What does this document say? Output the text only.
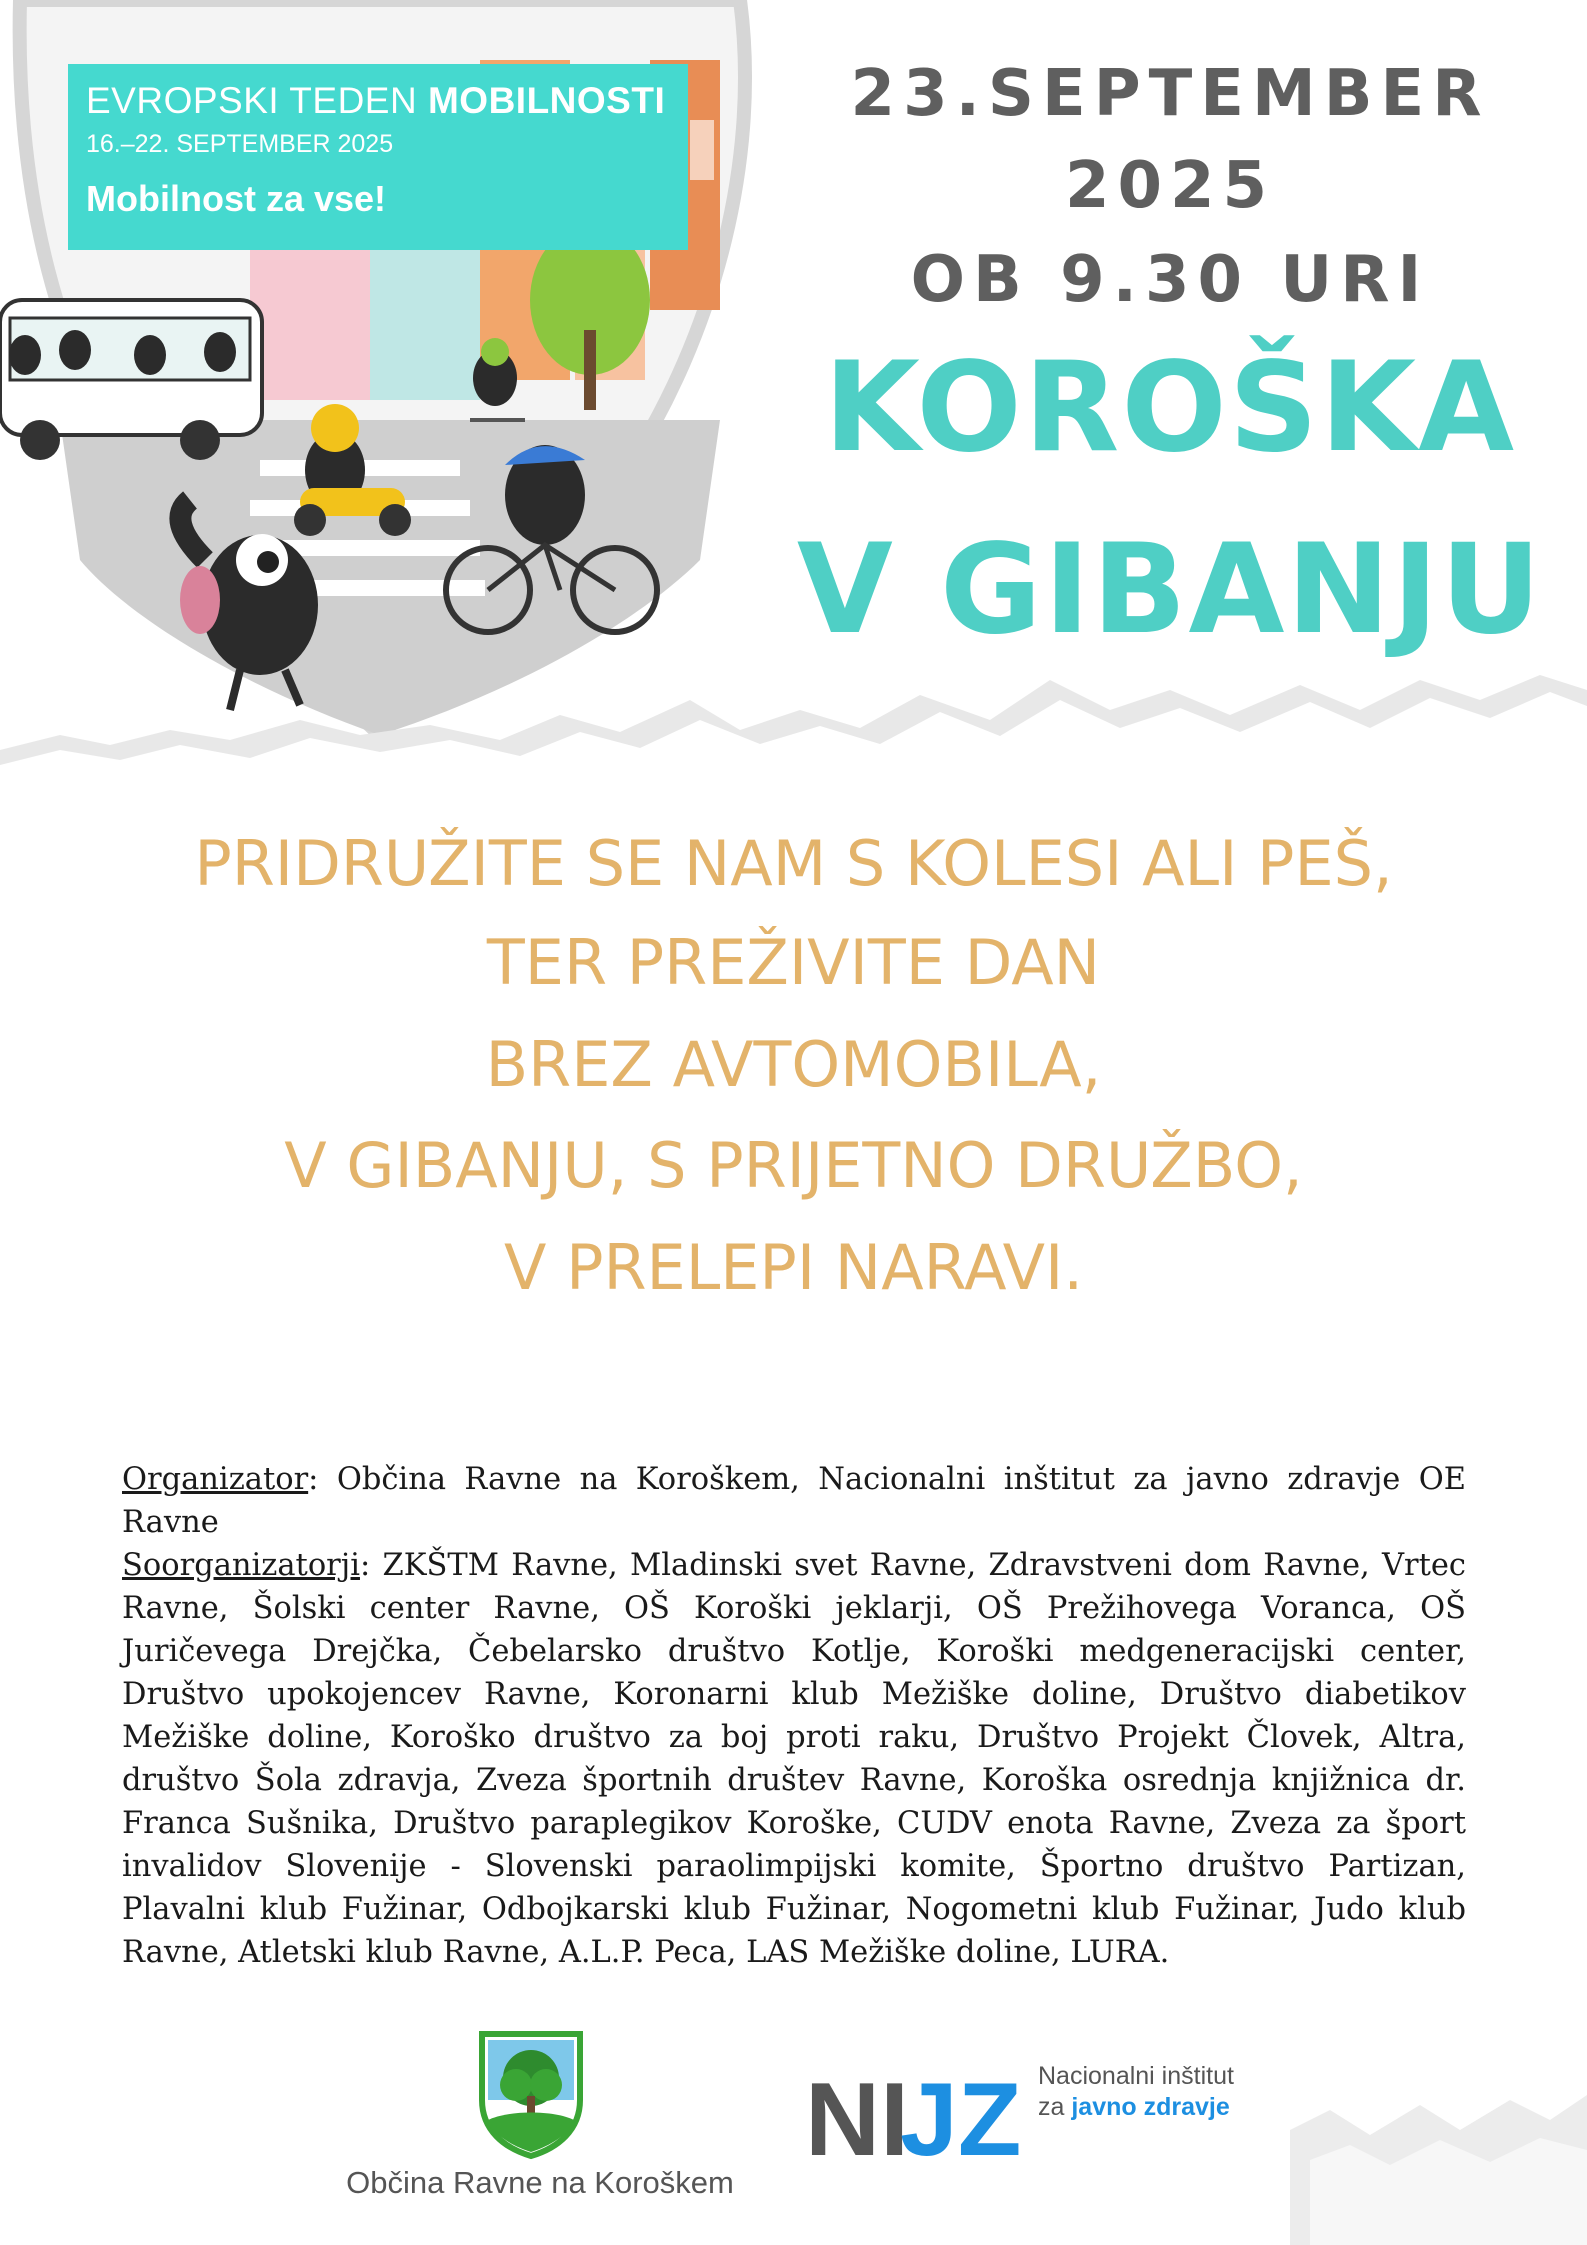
EVROPSKI TEDEN MOBILNOSTI
16.–22. SEPTEMBER 2025
Mobilnost za vse!
23.SEPTEMBER
2025
OB 9.30 URI
KOROŠKA
V GIBANJU
PRIDRUŽITE SE NAM S KOLESI ALI PEŠ,
TER PREŽIVITE DAN
BREZ AVTOMOBILA,
V GIBANJU, S PRIJETNO DRUŽBO,
V PRELEPI NARAVI.
Organizator: Občina Ravne na Koroškem, Nacionalni inštitut za javno zdravje OE Ravne
Soorganizatorji: ZKŠTM Ravne, Mladinski svet Ravne, Zdravstveni dom Ravne, Vrtec Ravne, Šolski center Ravne, OŠ Koroški jeklarji, OŠ Prežihovega Voranca, OŠ Juričevega Drejčka, Čebelarsko društvo Kotlje, Koroški medgeneracijski center, Društvo upokojencev Ravne, Koronarni klub Mežiške doline, Društvo diabetikov Mežiške doline, Koroško društvo za boj proti raku, Društvo Projekt Človek, Altra, društvo Šola zdravja, Zveza športnih društev Ravne, Koroška osrednja knjižnica dr. Franca Sušnika, Društvo paraplegikov Koroške, CUDV enota Ravne, Zveza za šport invalidov Slovenije - Slovenski paraolimpijski komite, Športno društvo Partizan, Plavalni klub Fužinar, Odbojkarski klub Fužinar, Nogometni klub Fužinar, Judo klub Ravne, Atletski klub Ravne, A.L.P. Peca, LAS Mežiške doline, LURA.
Občina Ravne na Koroškem
NI
JZ Nacionalni inštitut
za javno zdravje
